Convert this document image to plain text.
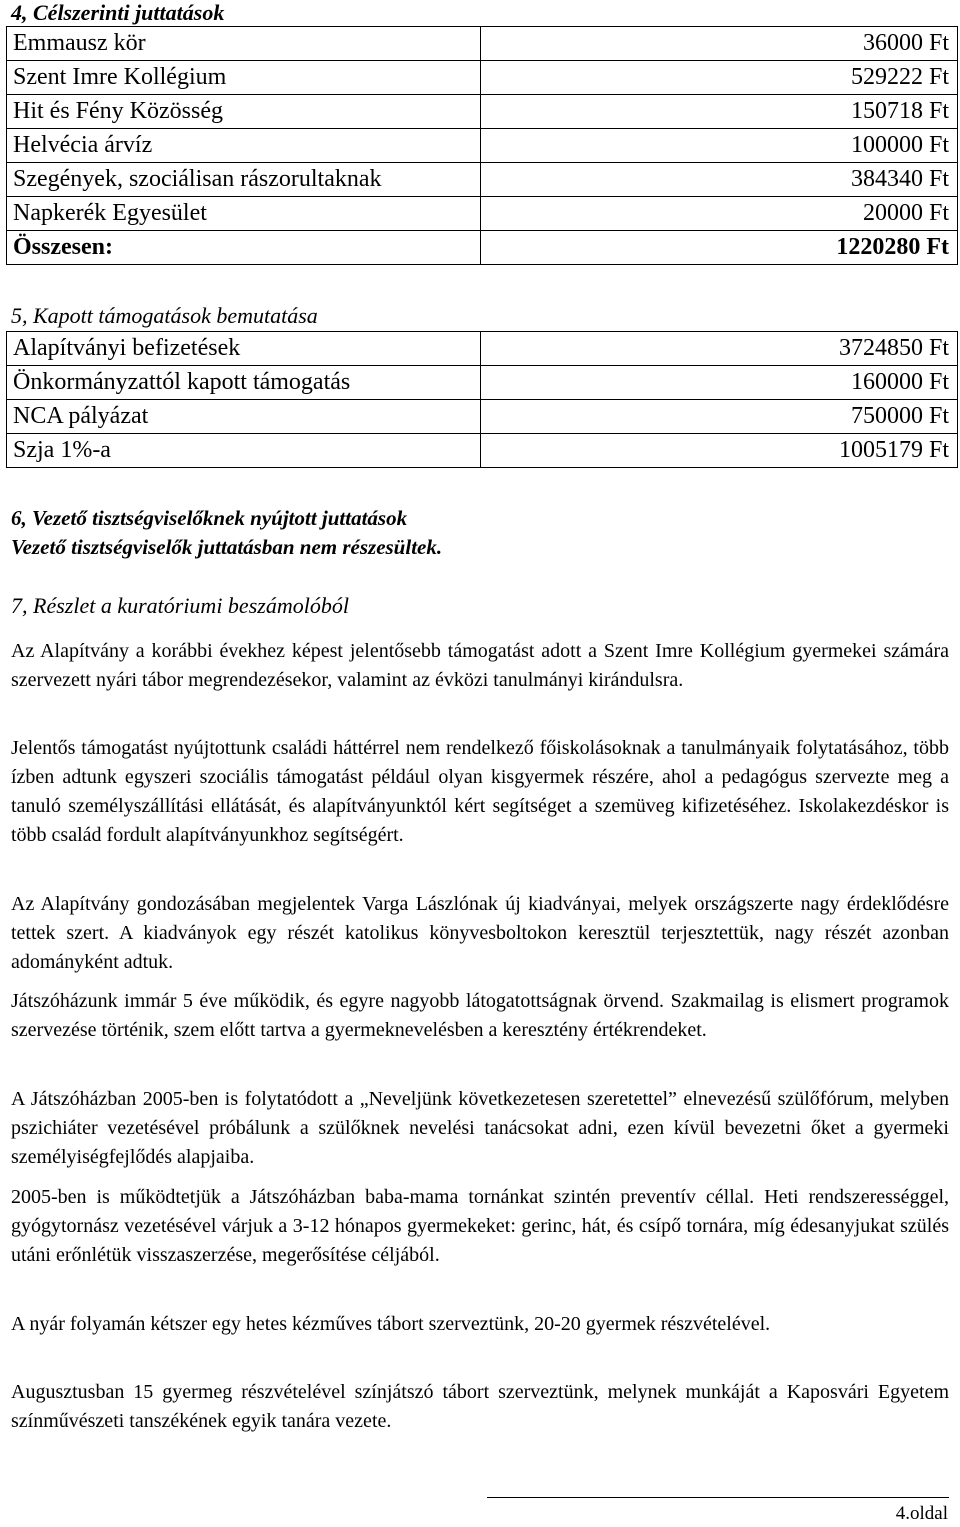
4, Célszerinti juttatások
Emmausz kör	36000 Ft
Szent Imre Kollégium	529222 Ft
Hit és Fény Közösség	150718 Ft
Helvécia árvíz	100000 Ft
Szegények, szociálisan rászorultaknak	384340 Ft
Napkerék Egyesület	20000 Ft
Összesen:	1220280 Ft
5, Kapott támogatások bemutatása
Alapítványi befizetések	3724850 Ft
Önkormányzattól kapott támogatás	160000 Ft
NCA pályázat	750000 Ft
Szja 1%-a	1005179 Ft
6, Vezető tisztségviselőknek nyújtott juttatások
Vezető tisztségviselők juttatásban nem részesültek.
7, Részlet a kuratóriumi beszámolóból

Az Alapítvány a korábbi évekhez képest jelentősebb támogatást adott a Szent Imre Kollégium gyermekei számára szervezett nyári tábor megrendezésekor, valamint az évközi tanulmányi kirándulsra.

Jelentős támogatást nyújtottunk családi háttérrel nem rendelkező főiskolásoknak a tanulmányaik folytatásához, több ízben adtunk egyszeri szociális támogatást például olyan kisgyermek részére, ahol a pedagógus szervezte meg a tanuló személyszállítási ellátását, és alapítványunktól kért segítséget a szemüveg kifizetéséhez. Iskolakezdéskor is több család fordult alapítványunkhoz segítségért.

Az Alapítvány gondozásában megjelentek Varga Lászlónak új kiadványai, melyek országszerte nagy érdeklődésre tettek szert. A kiadványok egy részét katolikus könyvesboltokon keresztül terjesztettük, nagy részét azonban adományként adtuk.

Játszóházunk immár 5 éve működik, és egyre nagyobb látogatottságnak örvend. Szakmailag is elismert programok szervezése történik, szem előtt tartva a gyermeknevelésben a keresztény értékrendeket.

A Játszóházban 2005-ben is folytatódott a „Neveljünk következetesen szeretettel” elnevezésű szülőfórum, melyben pszichiáter vezetésével próbálunk a szülőknek nevelési tanácsokat adni, ezen kívül bevezetni őket a gyermeki személyiségfejlődés alapjaiba.

2005-ben is működtetjük a Játszóházban baba-mama tornánkat szintén preventív céllal. Heti rendszerességgel, gyógytornász vezetésével várjuk a 3-12 hónapos gyermekeket: gerinc, hát, és csípő tornára, míg édesanyjukat szülés utáni erőnlétük visszaszerzése, megerősítése céljából.

A nyár folyamán kétszer egy hetes kézműves tábort szerveztünk, 20-20 gyermek részvételével.

Augusztusban 15 gyermeg részvételével színjátszó tábort szerveztünk, melynek munkáját a Kaposvári Egyetem színművészeti tanszékének egyik tanára vezete.

4.oldal
